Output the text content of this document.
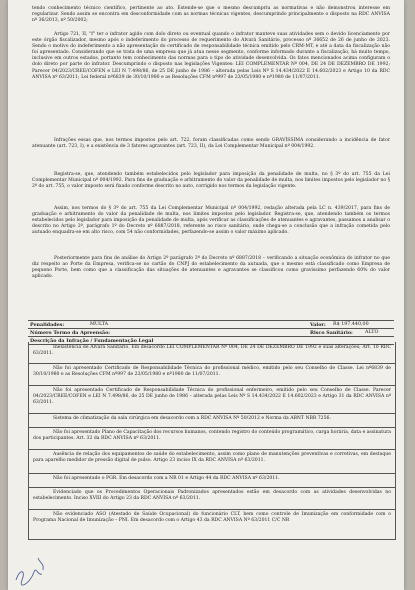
tendo conhecimento técnico científico, pertinente ao ato. Estende-se que o mesmo descumpriu as normativas e não demonstrou interesse em regularizar. Sendo assim se encontra em desconformidade com as normas técnicas vigentes, descumprindo principalmente o disposto na RDC ANVISA nº 36/2013, nº 50/2002;

Artigo 721, II, "f" ter o infrator agido com dolo direto ou eventual quando o infrator manteve suas atividades sem o devido licenciamento por este órgão fiscalizador, mesmo após o indeferimento do processo de requerimento do Alvará Sanitário, processo nº 36652 de 26 de junho de 2023. Sendo o motivo do indeferimento a não apresentação do certificado de responsabilidade técnica emitido pelo CRM-MT, e até a data da fiscalização não foi apresentado. Considerando que se trata de uma empresa que já atua nesse segmento, conforme informado durante a fiscalização, há muito tempo, inclusive em outros estados, portanto tem conhecimento das normas para o tipo de atividade desenvolvida. Os fatos mencionados acima configuram o dolo direto por parte do infrator. Descumprindo o disposto nas legislações Vigentes: LEI COMPLEMENTAR Nº 004, DE 24 DE DEZEMBRO DE 1992; Parecer 04/2023/CREE/COFEN e LEI N 7.498/86, de 25 DE junho de 1986 – alterada pelas Leis Nº S 14.434/2022 E 14.602/2023 e Artigo 10 da RDC ANVISA nº 63/2011; Lei federal nº6839 de 30/10/1980 e as Resoluções CFM nº997 de 23/05/1980 e nº1980 de 11/07/2011.

Infrações essas que, nos termos impostos pelo art. 722, foram classificadas como sendo GRAVÍSSIMA considerando a incidência de fator atenuante (art. 723, I), e a existência de 3 fatores agravantes (art. 723, II), da Lei Complementar Municipal nº 004/1992.

Registra-se, que, atendendo também estabelecidos pelo legislador para imposição da penalidade de multa, no § 3º do art. 755 da Lei Complementar Municipal nº 004/1992. Para fins de graduação e arbitramento do valor da penalidade de multa, nos limites impostos pelo legislador no § 2º do art. 755, o valor imposto será fixado conforme descrito no auto, corrigido nos termos da legislação vigente.

Assim, nos termos do § 3º do art. 755 da Lei Complementar Municipal nº 004/1992, redação alterada pela LC n. 439/2017, para fins de graduação e arbitramento do valor da penalidade de multa, nos limites impostos pelo legislador. Registra-se, que, atendendo também os termos estabelecidos pelo legislador para imposição da penalidade de multa, após verificar as classificações de atenuantes e agravantes, passamos a analisar o descrito no Artigo 2º, parágrafo 1º do Decreto nº 6887/2018, referente ao risco sanitário, onde chega-se a conclusão que a infração cometida pelo autuado enquadra-se em alto risco, com 54 não conformidades, perfazendo-se assim o valor máximo aplicado.

Posteriormente para fins de análise do Artigo 2º parágrafo 3º do Decreto nº 6887/2018 – verificando a situação econômica do infrator no que diz respeito ao Porte da Empresa, verifica-se no cartão do CNPJ do estabelecimento da autuada, que o mesmo está classificado como Empresa de pequeno Porte, bem como que a classificação das situações de atenuantes e agravantes se classificou como gravíssimo perfazendo 60% do valor aplicado.

Penalidades:	MULTA	Valor: R$ 197.440,00
Número Termo da Apreensão:	Risco Sanitário:	ALTO
Descrição da Infração / Fundamentação Legal

Inexistência de Alvará Sanitário. Em desacordo LEI COMPLEMENTAR Nº 004, DE 24 DE DEZEMBRO DE 1992 e suas alterações; Art. 10 RDC 63/2011.

Não foi apresentado Certificado de Responsabilidade Técnica do profissional médico, emitido pelo seu Conselho de Classe. Lei nº6839 de 30/10/1980 e as Resoluções CFM nº997 de 23/05/1980 e nº1980 de 11/07/2011.

Não foi apresentado Certificado de Responsabilidade Técnica do profissional enfermeiro, emitido pelo seu Conselho de Classe. Parecer 04/2023/CREE/COFEN e LEI N 7.498/86, de 25 DE junho de 1986 – alterada pelas Leis Nº S 14.434/2022 E 14.602/2023 e Artigo 31 da RDC ANVISA nº 63/2011.

Sistema de climatização da sala cirúrgica em desacordo com a RDC ANVISA Nº 50/2012 e Norma da ABNT NBR 7256.

Não foi apresentado Plano de Capacitação dos recursos humanos, contendo registro do conteúdo programático, carga horária, data e assinatura dos participantes. Art. 32 da RDC ANVISA nº 63/2011.

Ausência de relação dos equipamentos de saúde do estabelecimento, assim como plano de manutenções preventivas e corretivas, em destaque para aparelho medidor de pressão digital de pulso. Artigo 23 inciso IX da RDC ANVISA nº 63/2011.

Não foi apresentado o PGR. Em desacordo com a NR 01 e Artigo 44 da RDC ANVISA nº 63/2011.

Evidenciado que os Procedimentos Operacionais Padronizados apresentados estão em desacordo com as atividades desenvolvidas no estabelecimento. Inciso XVIII do Artigo 23 da RDC ANVISA nº 63/2011.

Não evidenciado ASO (Atestado de Saúde Ocupacional) do funcionário CLT, bem como controle de Imunização em conformidade com o Programa Nacional de Imunização – PNI. Em desacordo com o Artigo 43 da RDC ANVISA Nº 63/2011 C/C NR
